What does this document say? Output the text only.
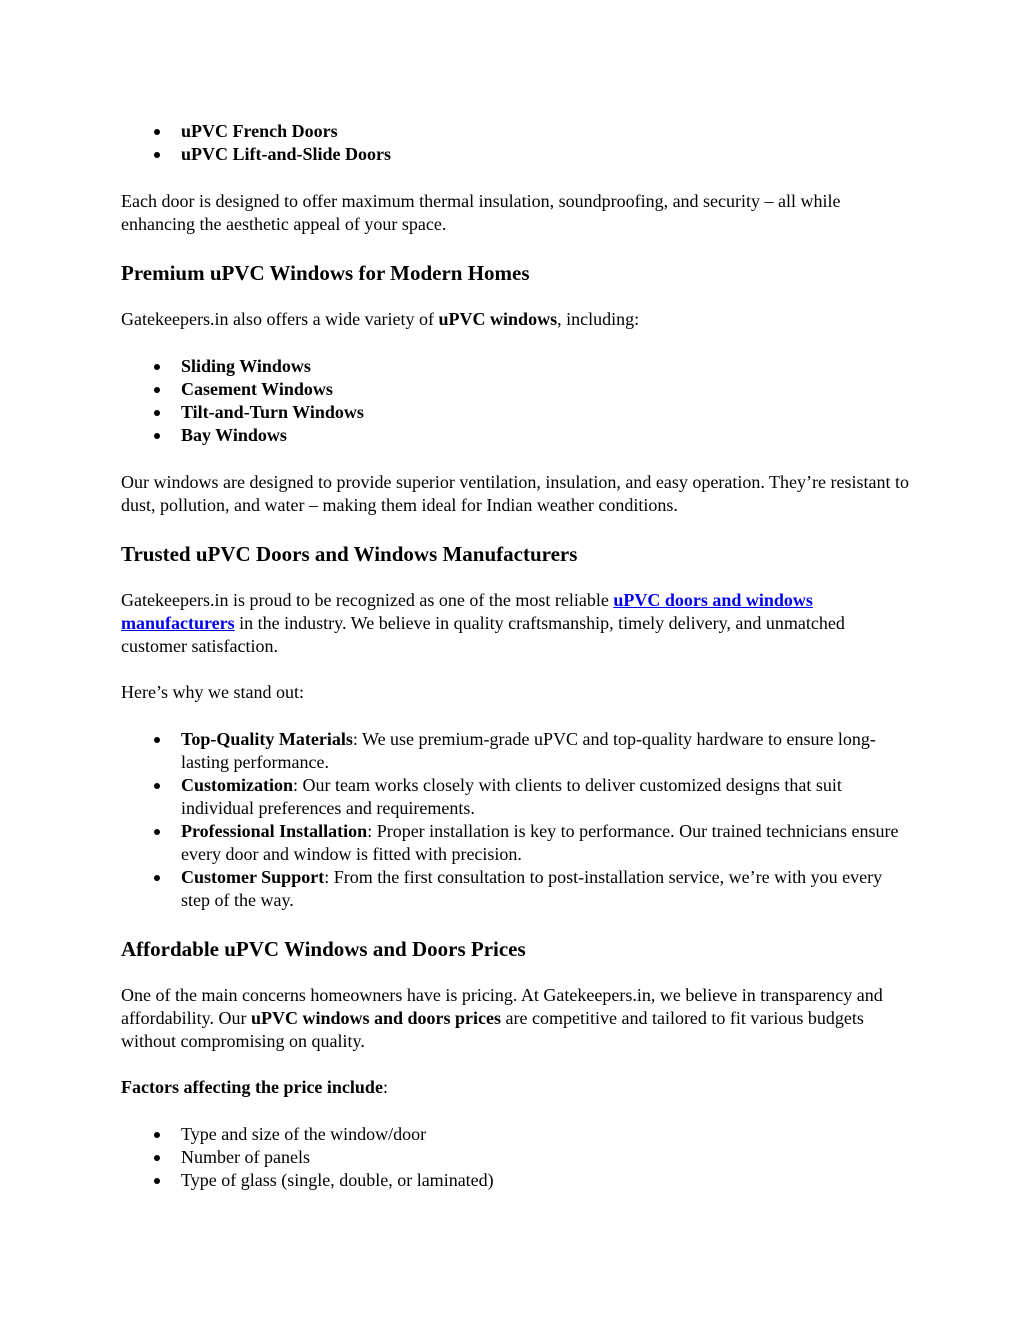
uPVC French Doors
uPVC Lift-and-Slide Doors

Each door is designed to offer maximum thermal insulation, soundproofing, and security – all while enhancing the aesthetic appeal of your space.

Premium uPVC Windows for Modern Homes

Gatekeepers.in also offers a wide variety of uPVC windows, including:

Sliding Windows
Casement Windows
Tilt-and-Turn Windows
Bay Windows

Our windows are designed to provide superior ventilation, insulation, and easy operation. They’re resistant to dust, pollution, and water – making them ideal for Indian weather conditions.

Trusted uPVC Doors and Windows Manufacturers

Gatekeepers.in is proud to be recognized as one of the most reliable uPVC doors and windows manufacturers in the industry. We believe in quality craftsmanship, timely delivery, and unmatched customer satisfaction.

Here’s why we stand out:

Top-Quality Materials: We use premium-grade uPVC and top-quality hardware to ensure long-lasting performance.
Customization: Our team works closely with clients to deliver customized designs that suit individual preferences and requirements.
Professional Installation: Proper installation is key to performance. Our trained technicians ensure every door and window is fitted with precision.
Customer Support: From the first consultation to post-installation service, we’re with you every step of the way.
Affordable uPVC Windows and Doors Prices

One of the main concerns homeowners have is pricing. At Gatekeepers.in, we believe in transparency and affordability. Our uPVC windows and doors prices are competitive and tailored to fit various budgets without compromising on quality.

Factors affecting the price include:

Type and size of the window/door
Number of panels
Type of glass (single, double, or laminated)
